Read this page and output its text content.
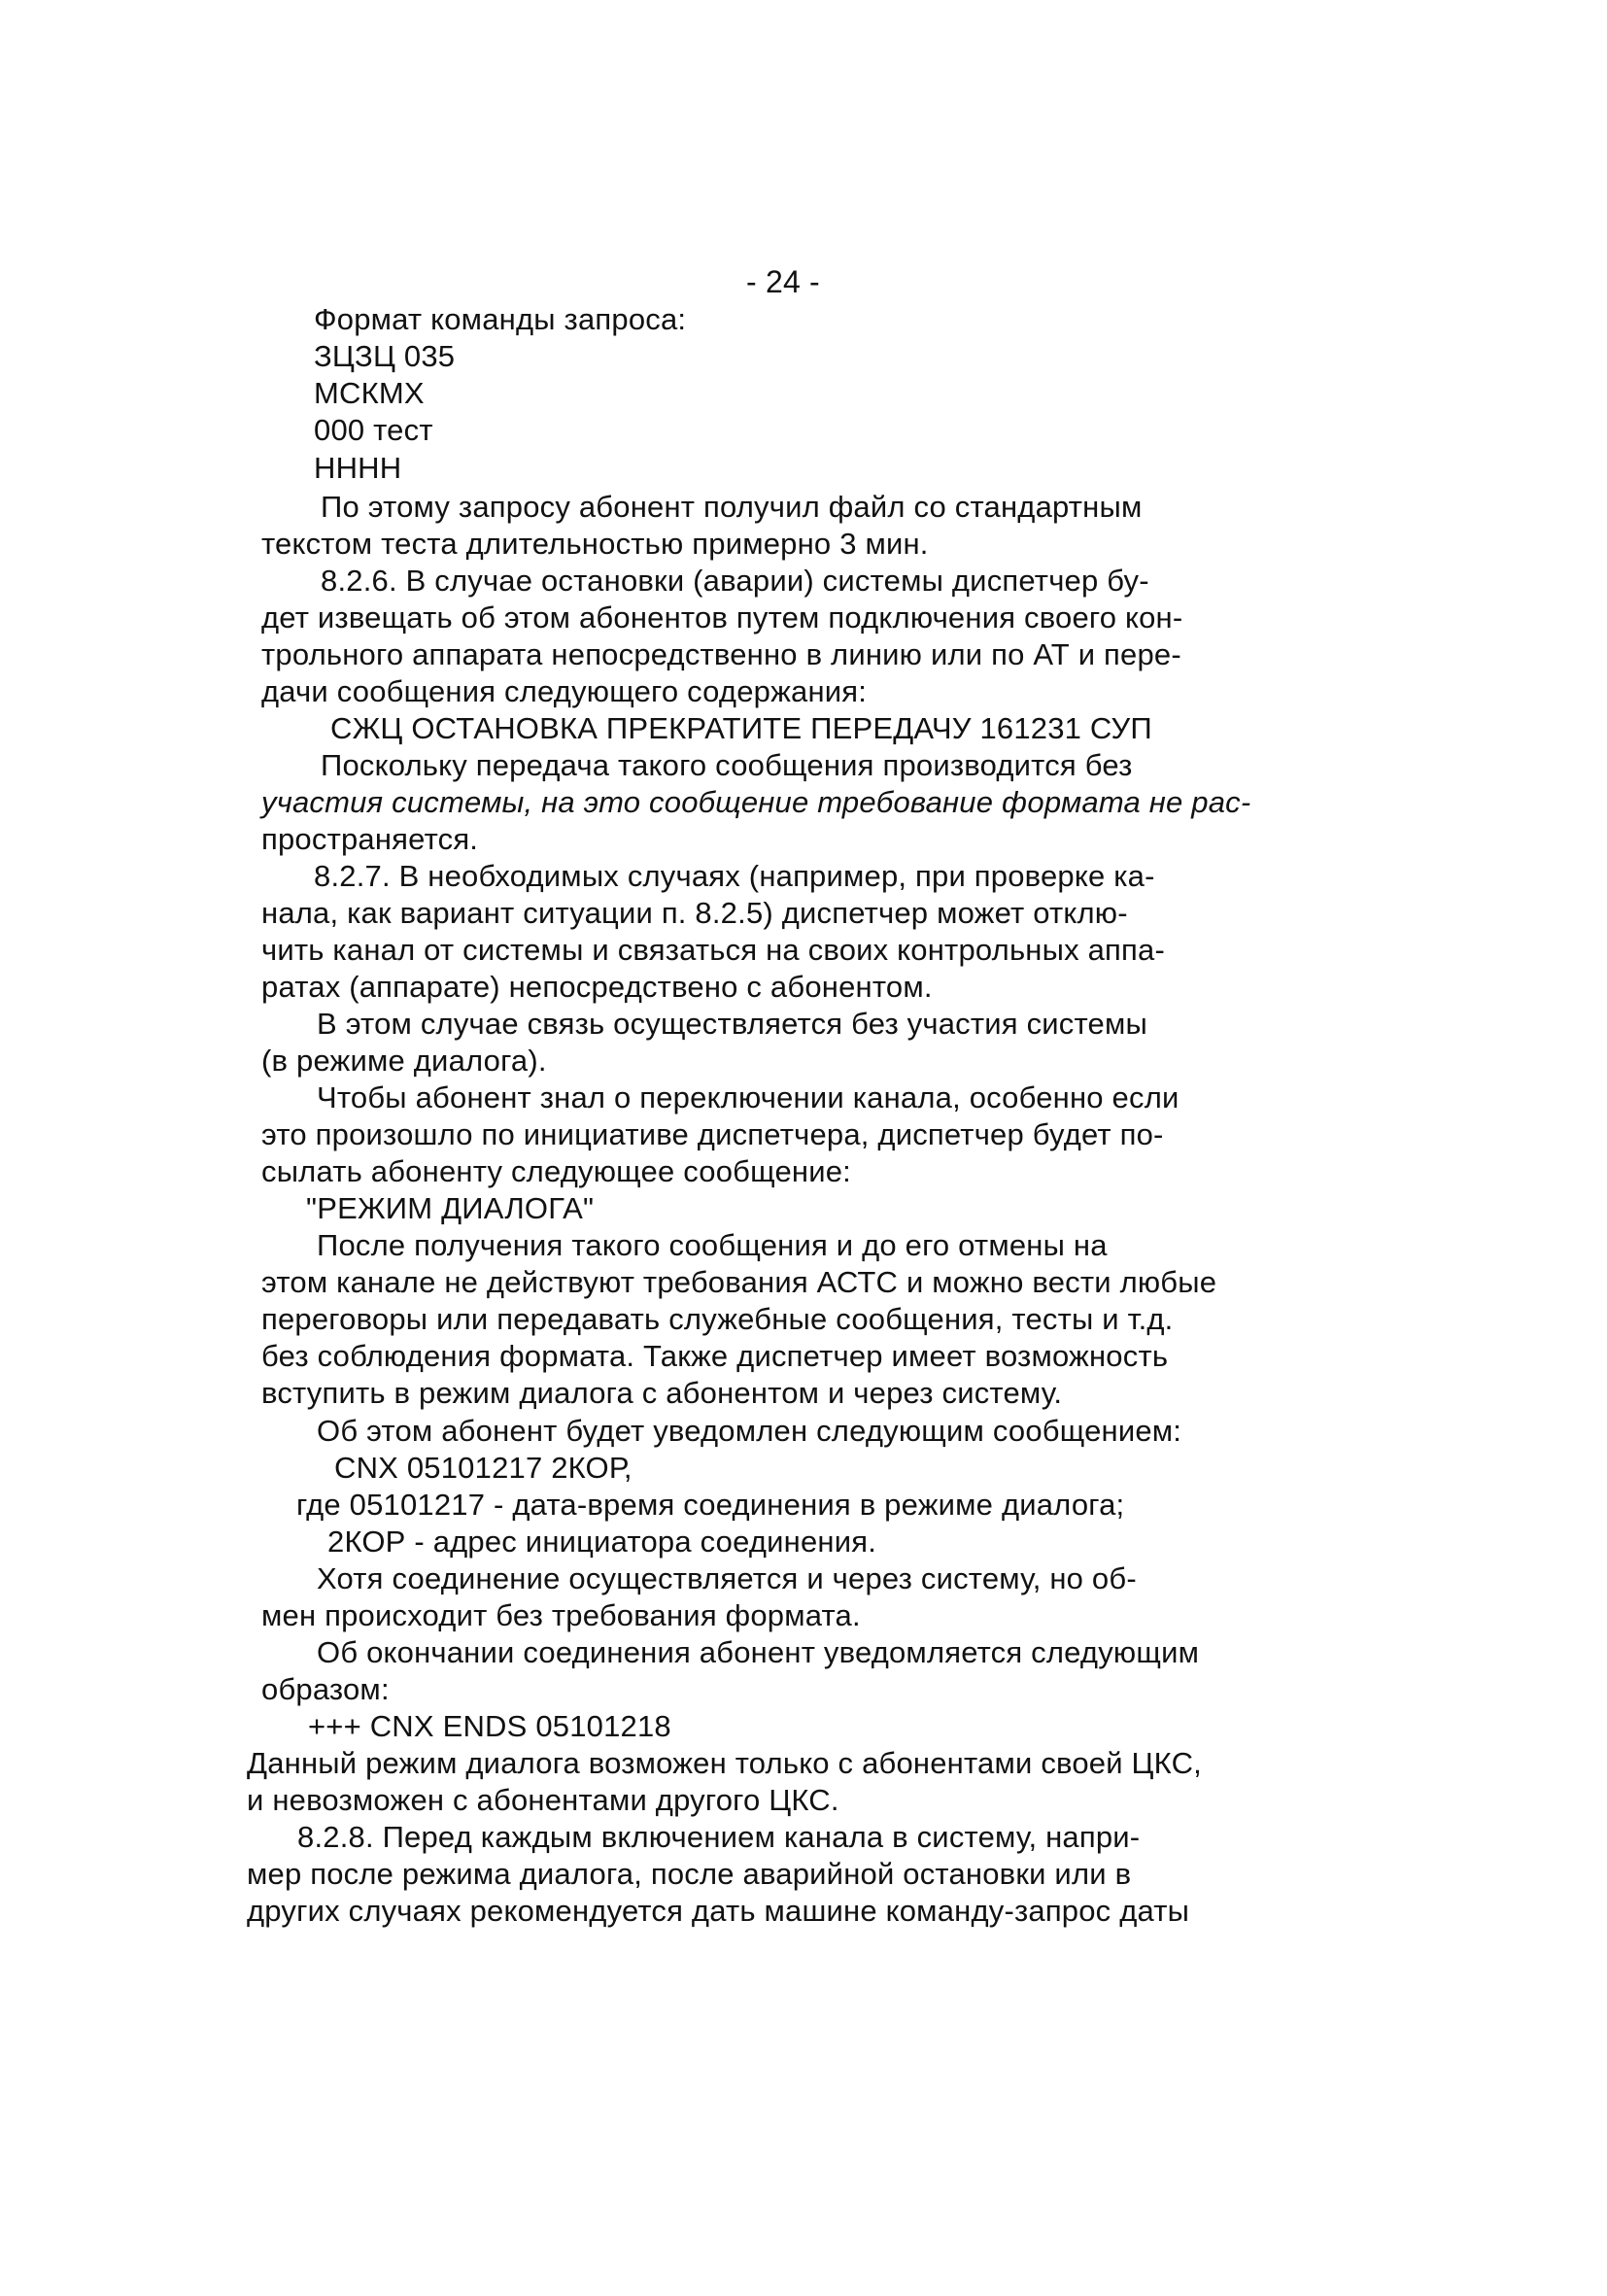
- 24 -
Формат команды запроса:
ЗЦЗЦ 035
МСКМХ
000 тест
НННН
По этому запросу абонент получил файл со стандартным
текстом теста длительностью примерно 3 мин.
8.2.6. В случае остановки (аварии) системы диспетчер бу-
дет извещать об этом абонентов путем подключения своего кон-
трольного аппарата непосредственно в линию или по АТ и пере-
дачи сообщения следующего содержания:
СЖЦ ОСТАНОВКА ПРЕКРАТИТЕ ПЕРЕДАЧУ 161231 СУП
Поскольку передача такого сообщения производится без
участия системы, на это сообщение требование формата не рас-
пространяется.
8.2.7. В необходимых случаях (например, при проверке ка-
нала, как вариант ситуации п. 8.2.5) диспетчер может отклю-
чить канал от системы и связаться на своих контрольных аппа-
ратах (аппарате) непосредствено с абонентом.
В этом случае связь осуществляется без участия системы
(в режиме диалога).
Чтобы абонент знал о переключении канала, особенно если
это произошло по инициативе диспетчера, диспетчер будет по-
сылать абоненту следующее сообщение:
"РЕЖИМ ДИАЛОГА"
После получения такого сообщения и до его отмены на
этом канале не действуют требования АСТС и можно вести любые
переговоры или передавать служебные сообщения, тесты и т.д.
без соблюдения формата. Также диспетчер имеет возможность
вступить в режим диалога с абонентом и через систему.
Об этом абонент будет уведомлен следующим сообщением:
CNX 05101217 2КОР,
где 05101217 - дата-время соединения в режиме диалога;
2КОР - адрес инициатора соединения.
Хотя соединение осуществляется и через систему, но об-
мен происходит без требования формата.
Об окончании соединения абонент уведомляется следующим
образом:
+++ CNX ENDS 05101218
Данный режим диалога возможен только с абонентами своей ЦКС,
и невозможен с абонентами другого ЦКС.
8.2.8. Перед каждым включением канала в систему, напри-
мер после режима диалога, после аварийной остановки или в
других случаях рекомендуется дать машине команду-запрос даты
